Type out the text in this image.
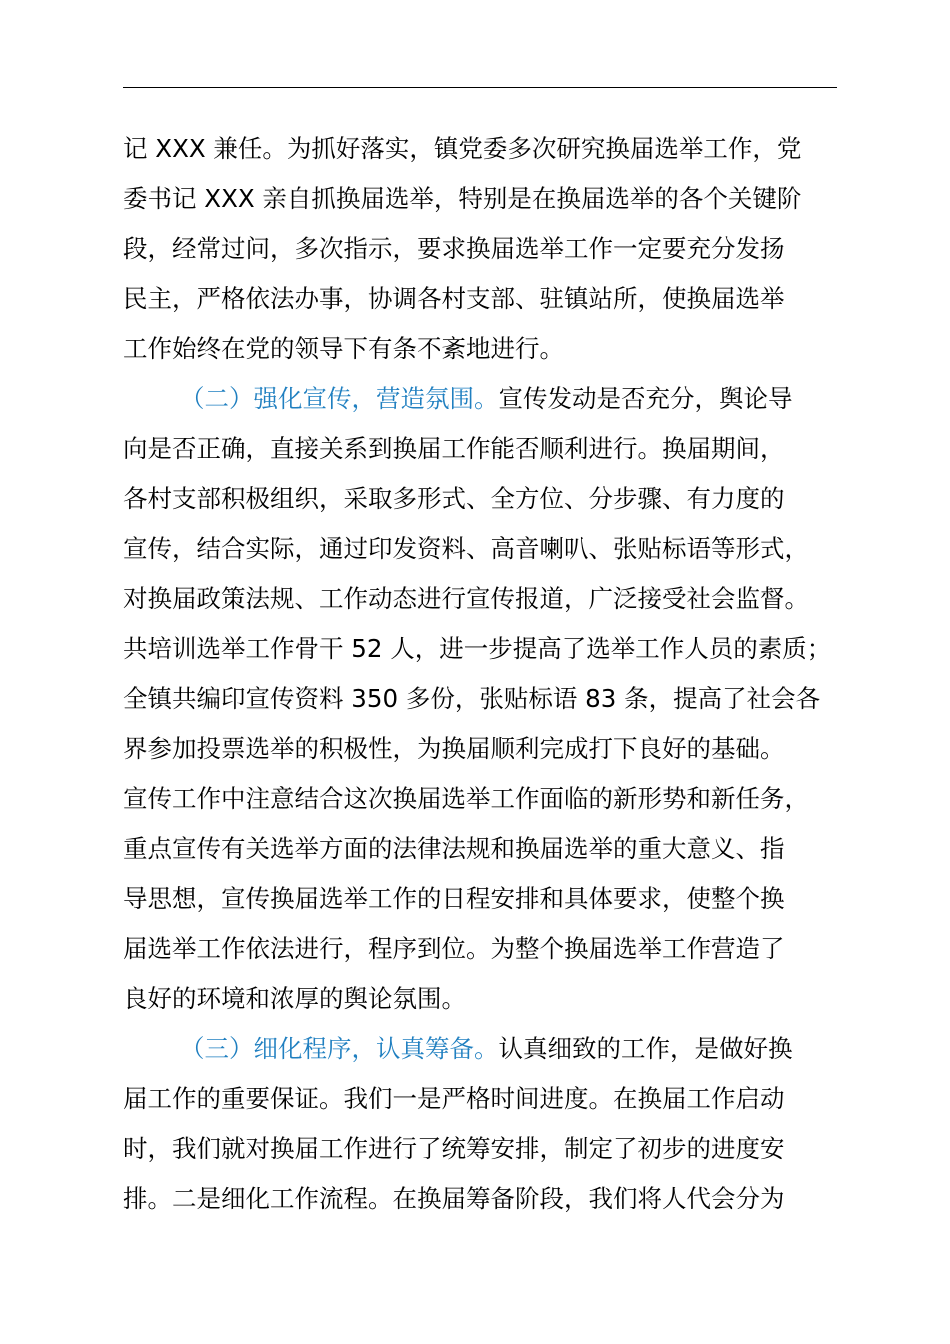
记 XXX 兼任。为抓好落实，镇党委多次研究换届选举工作，党
委书记 XXX 亲自抓换届选举，特别是在换届选举的各个关键阶
段，经常过问，多次指示，要求换届选举工作一定要充分发扬
民主，严格依法办事，协调各村支部、驻镇站所，使换届选举
工作始终在党的领导下有条不紊地进行。
（二）强化宣传，营造氛围。宣传发动是否充分，舆论导
向是否正确，直接关系到换届工作能否顺利进行。换届期间，
各村支部积极组织，采取多形式、全方位、分步骤、有力度的
宣传，结合实际，通过印发资料、高音喇叭、张贴标语等形式，
对换届政策法规、工作动态进行宣传报道，广泛接受社会监督。
共培训选举工作骨干 52 人，进一步提高了选举工作人员的素质；
全镇共编印宣传资料 350 多份，张贴标语 83 条，提高了社会各
界参加投票选举的积极性，为换届顺利完成打下良好的基础。
宣传工作中注意结合这次换届选举工作面临的新形势和新任务，
重点宣传有关选举方面的法律法规和换届选举的重大意义、指
导思想，宣传换届选举工作的日程安排和具体要求，使整个换
届选举工作依法进行，程序到位。为整个换届选举工作营造了
良好的环境和浓厚的舆论氛围。
（三）细化程序，认真筹备。认真细致的工作，是做好换
届工作的重要保证。我们一是严格时间进度。在换届工作启动
时，我们就对换届工作进行了统筹安排，制定了初步的进度安
排。二是细化工作流程。在换届筹备阶段，我们将人代会分为
